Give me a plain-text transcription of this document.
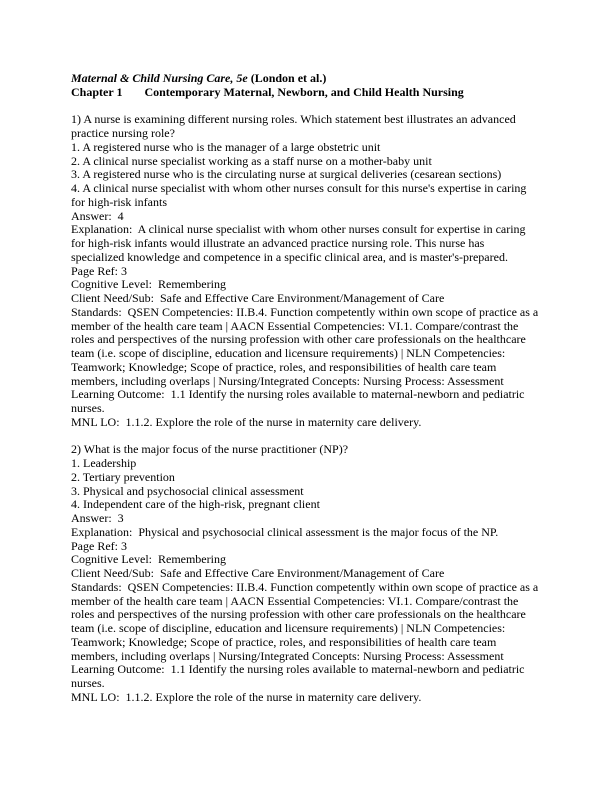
Maternal & Child Nursing Care, 5e (London et al.)
Chapter 1 Contemporary Maternal, Newborn, and Child Health Nursing
1) A nurse is examining different nursing roles. Which statement best illustrates an advanced
practice nursing role?
1. A registered nurse who is the manager of a large obstetric unit
2. A clinical nurse specialist working as a staff nurse on a mother-baby unit
3. A registered nurse who is the circulating nurse at surgical deliveries (cesarean sections)
4. A clinical nurse specialist with whom other nurses consult for this nurse's expertise in caring
for high-risk infants
Answer:  4
Explanation:  A clinical nurse specialist with whom other nurses consult for expertise in caring
for high-risk infants would illustrate an advanced practice nursing role. This nurse has
specialized knowledge and competence in a specific clinical area, and is master's-prepared.
Page Ref: 3
Cognitive Level:  Remembering
Client Need/Sub:  Safe and Effective Care Environment/Management of Care
Standards:  QSEN Competencies: II.B.4. Function competently within own scope of practice as a
member of the health care team | AACN Essential Competencies: VI.1. Compare/contrast the
roles and perspectives of the nursing profession with other care professionals on the healthcare
team (i.e. scope of discipline, education and licensure requirements) | NLN Competencies:
Teamwork; Knowledge; Scope of practice, roles, and responsibilities of health care team
members, including overlaps | Nursing/Integrated Concepts: Nursing Process: Assessment
Learning Outcome:  1.1 Identify the nursing roles available to maternal-newborn and pediatric
nurses.
MNL LO:  1.1.2. Explore the role of the nurse in maternity care delivery.
2) What is the major focus of the nurse practitioner (NP)?
1. Leadership
2. Tertiary prevention
3. Physical and psychosocial clinical assessment
4. Independent care of the high-risk, pregnant client
Answer:  3
Explanation:  Physical and psychosocial clinical assessment is the major focus of the NP.
Page Ref: 3
Cognitive Level:  Remembering
Client Need/Sub:  Safe and Effective Care Environment/Management of Care
Standards:  QSEN Competencies: II.B.4. Function competently within own scope of practice as a
member of the health care team | AACN Essential Competencies: VI.1. Compare/contrast the
roles and perspectives of the nursing profession with other care professionals on the healthcare
team (i.e. scope of discipline, education and licensure requirements) | NLN Competencies:
Teamwork; Knowledge; Scope of practice, roles, and responsibilities of health care team
members, including overlaps | Nursing/Integrated Concepts: Nursing Process: Assessment
Learning Outcome:  1.1 Identify the nursing roles available to maternal-newborn and pediatric
nurses.
MNL LO:  1.1.2. Explore the role of the nurse in maternity care delivery.
